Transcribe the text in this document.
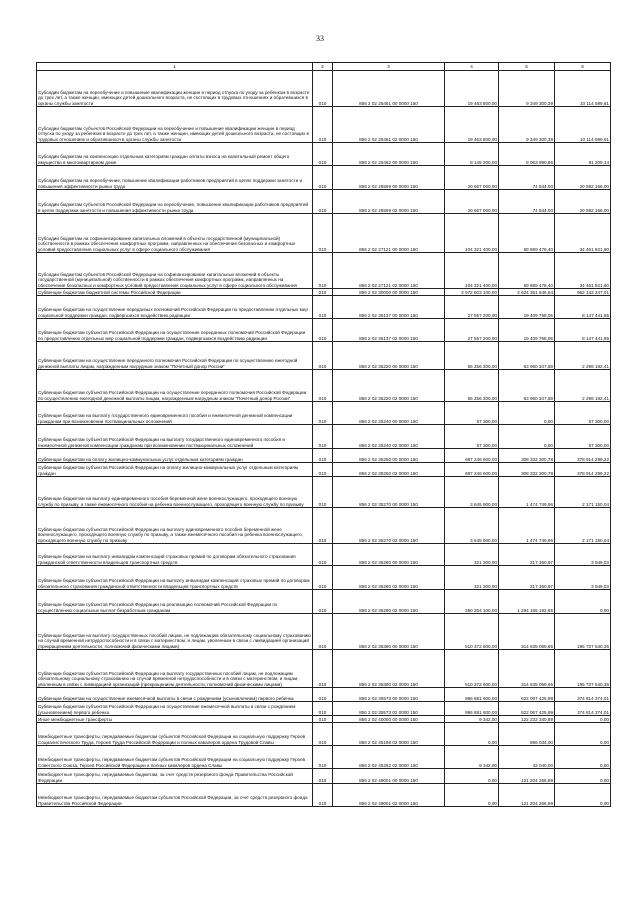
33
1	2	3	4	5	6
Субсидии бюджетам на переобучение и повышение квалификации женщин в период отпуска по уходу за ребенком в возрасте до трех лет, а также женщин, имеющих детей дошкольного возраста, не состоящих в трудовых отношениях и обратившихся в органы службы занятости	010	856 2 02 25461 00 0000 150	19 463 800,00	9 349 300,39	10 114 599,61
Субсидии бюджетам субъектов Российской Федерации на переобучение и повышение квалификации женщин в период отпуска по уходу за ребенком в возрасте до трех лет, а также женщин, имеющих детей дошкольного возраста, не состоящих в трудовых отношениях и обратившихся в органы службы занятости	010	856 2 02 25461 02 0000 150	19 463 800,00	9 349 300,39	10 114 599,61
Субсидии бюджетам на компенсацию отдельным категориям граждан оплаты взноса на капитальный ремонт общего имущества в многоквартирном доме	010	856 2 02 25462 00 0000 150	8 145 200,00	8 063 990,86	81 209,14
Субсидии бюджетам на переобучение, повышение квалификации работников предприятий в целях поддержки занятости и повышения эффективности рынка труда	010	856 2 02 25569 00 0000 150	20 667 000,00	74 844,00	20 592 156,00
Субсидии бюджетам субъектов Российской Федерации на переобучение, повышение квалификации работников предприятий в целях поддержки занятости и повышения эффективности рынка труда	010	856 2 02 25569 02 0000 150	20 667 000,00	74 844,00	20 592 156,00
Субсидии бюджетам на софинансирование капитальных вложений в объекты государственной (муниципальной) собственности в рамках обеспечения комфортных программ, направленных на обеспечение безопасных и комфортных условий предоставления социальных услуг в сфере социального обслуживания	010	856 2 02 27121 00 0000 150	104 321 400,00	69 869 478,40	34 451 921,60
Субсидии бюджетам субъектов Российской Федерации на софинансирование капитальных вложений в объекты государственной (муниципальной) собственности в рамках обеспечения комфортных программ, направленных на обеспечение безопасных и комфортных условий предоставления социальных услуг в сфере социального обслуживания	010	856 2 02 27121 02 0000 150	104 321 400,00	69 869 478,40	34 451 921,60
Субвенции бюджетам бюджетной системы Российской Федерации	010	856 2 02 30000 00 0000 150	2 572 603 100,00	2 624 361 846,64	962 142 247,01
Субвенции бюджетам на осуществление переданных полномочий Российской Федерации по предоставлению отдельных мер социальной поддержки граждан, подвергшихся воздействию радиации	010	856 2 02 35137 00 0000 150	27 557 200,00	19 409 758,05	8 147 441,95
Субвенции бюджетам субъектов Российской Федерации на осуществление переданных полномочий Российской Федерации по предоставлению отдельных мер социальной поддержки граждан, подвергшихся воздействию радиации	010	856 2 02 35137 02 0000 150	27 557 200,00	19 409 758,05	8 147 441,95
Субвенции бюджетам на осуществление переданного полномочия Российской Федерации по осуществлению ежегодной денежной выплаты лицам, награжденным нагрудным знаком "Почетный донор России"	010	856 2 02 35220 00 0000 150	66 256 300,00	63 960 107,59	2 296 192,41
Субвенции бюджетам субъектов Российской Федерации на осуществление переданного полномочия Российской Федерации по осуществлению ежегодной денежной выплаты лицам, награжденным нагрудным знаком "Почетный донор России"	010	856 2 02 35220 02 0000 150	66 256 300,00	63 960 107,59	2 296 192,41
Субвенции бюджетам на выплату государственного единовременного пособия и ежемесячной денежной компенсации гражданам при возникновении поствакцинальных осложнений	010	856 2 02 35240 00 0000 150	57 300,00	0,00	57 300,00
Субвенции бюджетам субъектов Российской Федерации на выплату государственного единовременного пособия и ежемесячной денежной компенсации гражданам при возникновении поствакцинальных осложнений	010	856 2 02 35240 02 0000 150	57 300,00	0,00	57 300,00
Субвенции бюджетам на оплату жилищно-коммунальных услуг отдельным категориям граждан	010	856 2 02 35250 00 0000 150	687 246 600,00	308 332 300,78	378 914 299,22
Субвенции бюджетам субъектов Российской Федерации на оплату жилищно-коммунальных услуг отдельным категориям граждан	010	856 2 02 35250 02 0000 150	687 246 600,00	308 332 300,78	378 914 299,22
Субвенции бюджетам на выплату единовременного пособия беременной жене военнослужащего, проходящего военную службу по призыву, а также ежемесячного пособия на ребенка военнослужащего, проходящего военную службу по призыву	010	856 2 02 35270 00 0000 150	3 645 900,00	1 474 749,96	2 171 150,04
Субвенции бюджетам субъектов Российской Федерации на выплату единовременного пособия беременной жене военнослужащего, проходящего военную службу по призыву, а также ежемесячного пособия на ребенка военнослужащего, проходящего военную службу по призыву	010	856 2 02 35270 02 0000 150	3 645 900,00	1 474 749,96	2 171 150,04
Субвенции бюджетам на выплату инвалидам компенсаций страховых премий по договорам обязательного страхования гражданской ответственности владельцев транспортных средств	010	856 2 02 35280 00 0000 150	321 300,00	317 350,97	3 949,03
Субвенции бюджетам субъектов Российской Федерации на выплату инвалидам компенсаций страховых премий по договорам обязательного страхования гражданской ответственности владельцев транспортных средств	010	856 2 02 35280 02 0000 150	321 300,00	317 350,97	3 949,03
Субвенции бюджетам субъектов Российской Федерации на реализацию полномочий Российской Федерации по осуществлению социальных выплат безработным гражданам	010	856 2 02 35290 02 0000 150	280 264 100,00	1 294 165 192,65	0,00
Субвенции бюджетам на выплату государственных пособий лицам, не подлежащим обязательному социальному страхованию на случай временной нетрудоспособности и в связи с материнством, и лицам, уволенным в связи с ликвидацией организаций (прекращением деятельности, полномочий физическими лицами)	010	856 2 02 35380 00 0000 150	510 372 600,00	314 635 059,65	195 737 540,35
Субвенции бюджетам субъектов Российской Федерации на выплату государственных пособий лицам, не подлежащим обязательному социальному страхованию на случай временной нетрудоспособности и в связи с материнством, и лицам, уволенным в связи с ликвидацией организаций (прекращением деятельности, полномочий физическими лицами)	010	856 2 02 35380 02 0000 150	510 372 600,00	314 635 059,65	195 737 540,35
Субвенции бюджетам на осуществление ежемесячной выплаты в связи с рождением (усыновлением) первого ребенка	010	856 2 02 35573 00 0000 150	996 881 600,00	622 067 425,99	374 814 374,01
Субвенции бюджетам субъектов Российской Федерации на осуществление ежемесячной выплаты в связи с рождением (усыновлением) первого ребенка	010	856 2 02 35573 02 0000 150	996 881 600,00	622 067 425,99	374 814 374,01
Иные межбюджетные трансферты	010	856 2 02 40000 00 0000 150	9 342,00	122 232 340,89	0,00
Межбюджетные трансферты, передаваемые бюджетам субъектов Российской Федерации на социальную поддержку Героев Социалистического Труда, Героев Труда Российской Федерации и полных кавалеров ордена Трудовой Славы	010	856 2 02 45198 02 0000 150	0,00	986 034,00	0,00
Межбюджетные трансферты, передаваемые бюджетам субъектов Российской Федерации на социальную поддержку Героев Советского Союза, Героев Российской Федерации и полных кавалеров ордена Славы	010	856 2 02 45252 02 0000 150	9 342,00	42 040,00	0,00
Межбюджетные трансферты, передаваемые бюджетам, за счет средств резервного фонда Правительства Российской Федерации	010	856 2 02 49001 00 0000 150	0,00	121 204 266,89	0,00
Межбюджетные трансферты, передаваемые бюджетам субъектов Российской Федерации, за счет средств резервного фонда Правительства Российской Федерации	010	856 2 02 49001 02 0000 150	0,00	121 204 266,89	0,00
